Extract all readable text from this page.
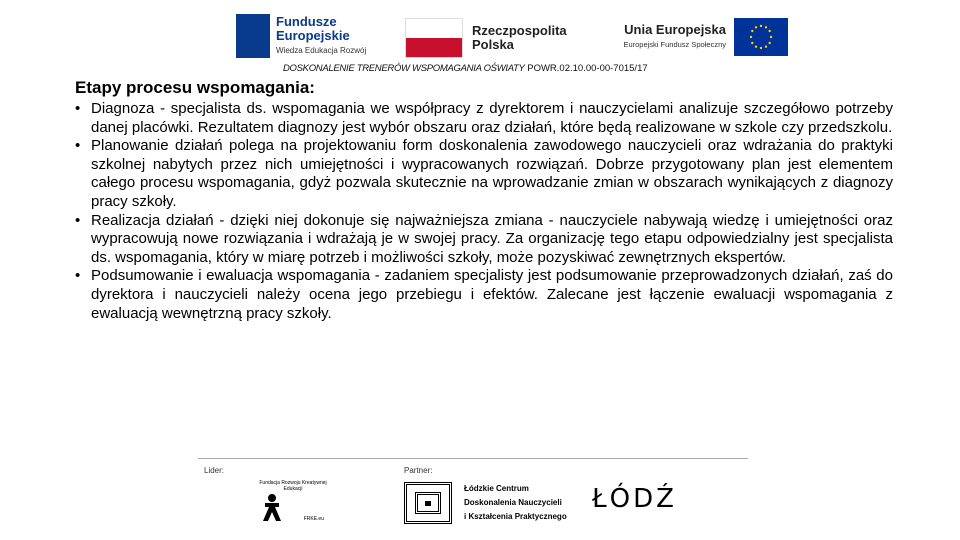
Fundusze
Europejskie
Wiedza Edukacja Rozwój
Rzeczpospolita
Polska
Unia Europejska
Europejski Fundusz Społeczny
DOSKONALENIE TRENERÓW WSPOMAGANIA OŚWIATY POWR.02.10.00-00-7015/17
Etapy procesu wspomagania:
• Diagnoza - specjalista ds. wspomagania we współpracy z dyrektorem i nauczycielami analizuje szczegółowo potrzeby danej placówki. Rezultatem diagnozy jest wybór obszaru oraz działań, które będą realizowane w szkole czy przedszkolu.
• Planowanie działań polega na projektowaniu form doskonalenia zawodowego nauczycieli oraz wdrażania do praktyki szkolnej nabytych przez nich umiejętności i wypracowanych rozwiązań. Dobrze przygotowany plan jest elementem całego procesu wspomagania, gdyż pozwala skutecznie na wprowadzanie zmian w obszarach wynikających z diagnozy pracy szkoły.
• Realizacja działań - dzięki niej dokonuje się najważniejsza zmiana - nauczyciele nabywają wiedzę i umiejętności oraz wypracowują nowe rozwiązania i wdrażają je w swojej pracy. Za organizację tego etapu odpowiedzialny jest specjalista ds. wspomagania, który w miarę potrzeb i możliwości szkoły, może pozyskiwać zewnętrznych ekspertów.
• Podsumowanie i ewaluacja wspomagania - zadaniem specjalisty jest podsumowanie przeprowadzonych działań, zaś do dyrektora i nauczycieli należy ocena jego przebiegu i efektów. Zalecane jest łączenie ewaluacji wspomagania z ewaluacją wewnętrzną pracy szkoły.
Lider:
Fundacja Rozwoju Kreatywnej Edukacji
FRKE.eu
Partner:
Łódzkie Centrum
Doskonalenia Nauczycieli
i Kształcenia Praktycznego
ŁÓDŹ
